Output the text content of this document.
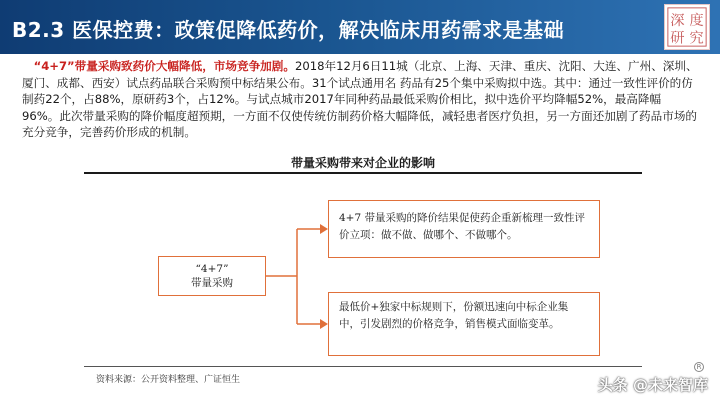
B2.3 医保控费：政策促降低药价，解决临床用药需求是基础	深 度
研 究

“4+7”带量采购致药价大幅降低，市场竞争加剧。2018年12月6日11城（北京、上海、天津、重庆、沈阳、大连、广州、深圳、厦门、成都、西安）试点药品联合采购预中标结果公布。31个试点通用名 药品有25个集中采购拟中选。其中：通过一致性评价的仿制药22个，占88%，原研药3个，占12%。与试点城市2017年同种药品最低采购价相比，拟中选价平均降幅52%，最高降幅96%。此次带量采购的降价幅度超预期，一方面不仅使传统仿制药价格大幅降低，减轻患者医疗负担，另一方面还加剧了药品市场的充分竞争，完善药价形成的机制。

带量采购带来对企业的影响
“4+7”
带量采购
4+7 带量采购的降价结果促使药企重新梳理一致性评价立项：做不做、做哪个、不做哪个。
最低价+独家中标规则下，份额迅速向中标企业集中，引发剧烈的价格竞争，销售模式面临变革。
资料来源：公开资料整理、广证恒生
R
头条 @未来智库
